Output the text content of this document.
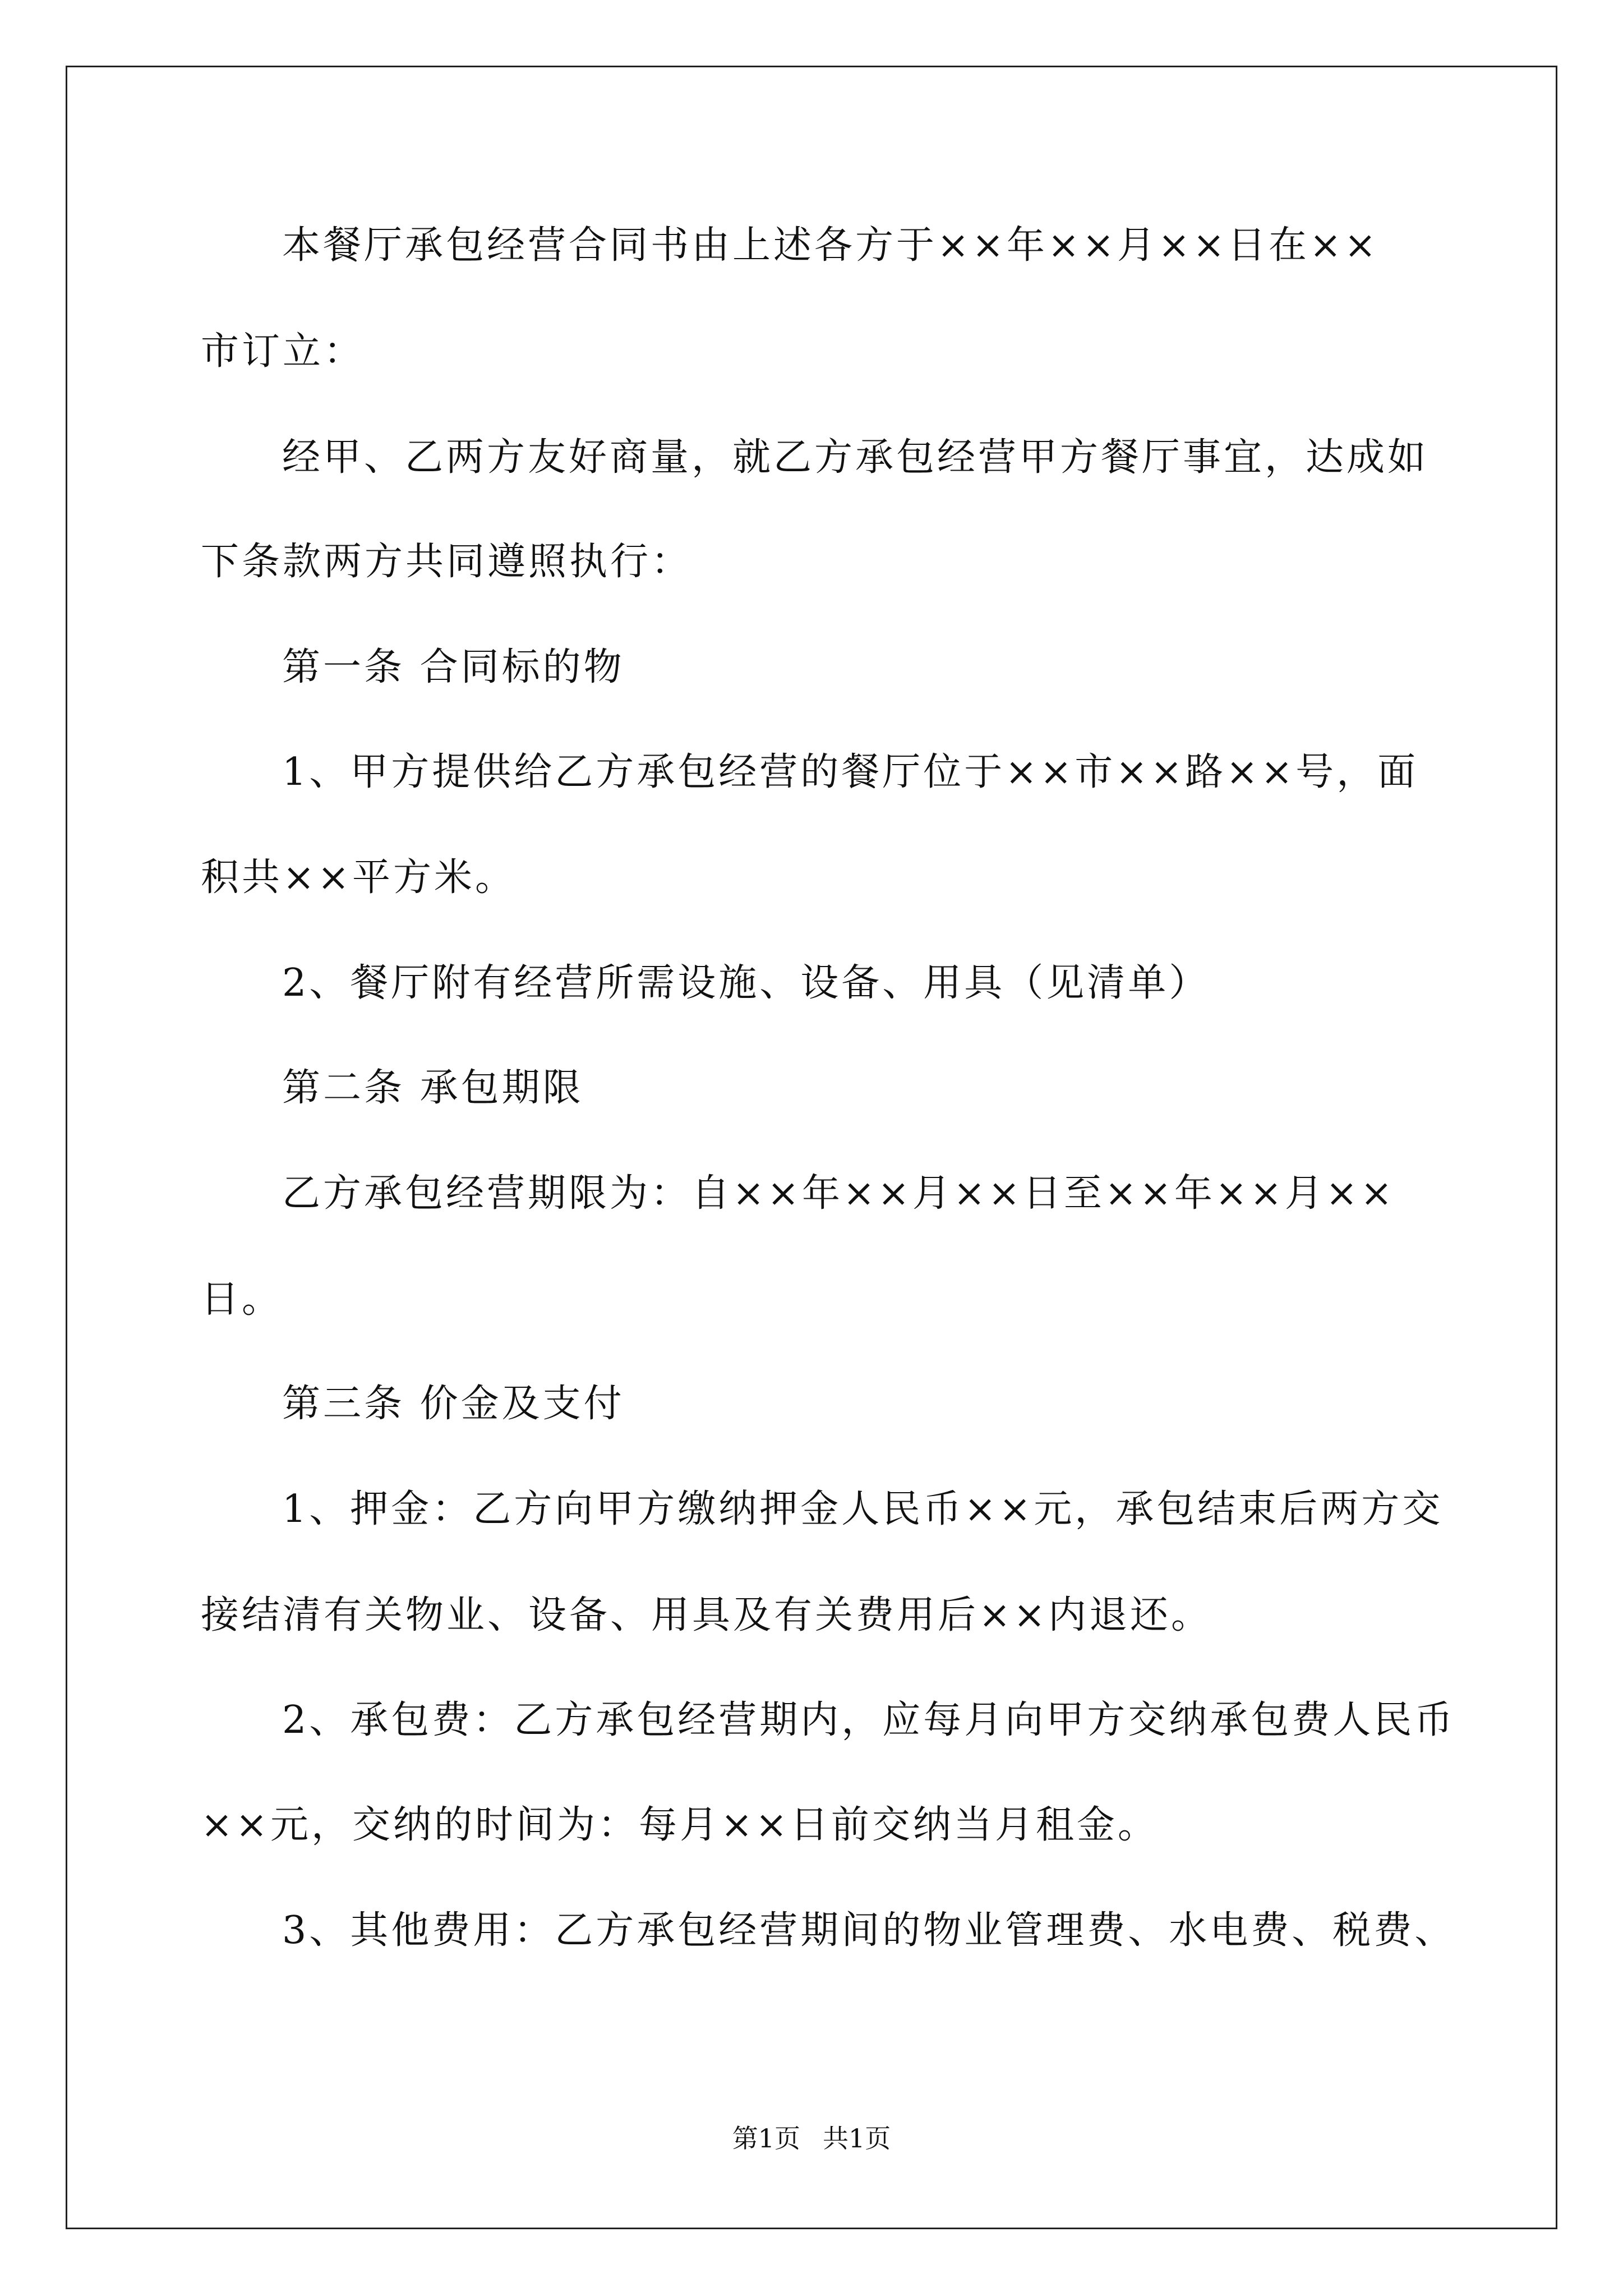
本餐厅承包经营合同书由上述各方于××年××月××日在××
市订立：
经甲、乙两方友好商量，就乙方承包经营甲方餐厅事宜，达成如
下条款两方共同遵照执行：
第一条 合同标的物
1、甲方提供给乙方承包经营的餐厅位于××市××路××号，面
积共××平方米。
2、餐厅附有经营所需设施、设备、用具（见清单）
第二条 承包期限
乙方承包经营期限为：自××年××月××日至××年××月××
日。
第三条 价金及支付
1、押金：乙方向甲方缴纳押金人民币××元，承包结束后两方交
接结清有关物业、设备、用具及有关费用后××内退还。
2、承包费：乙方承包经营期内，应每月向甲方交纳承包费人民币
××元，交纳的时间为：每月××日前交纳当月租金。
3、其他费用：乙方承包经营期间的物业管理费、水电费、税费、
第1页 共1页
